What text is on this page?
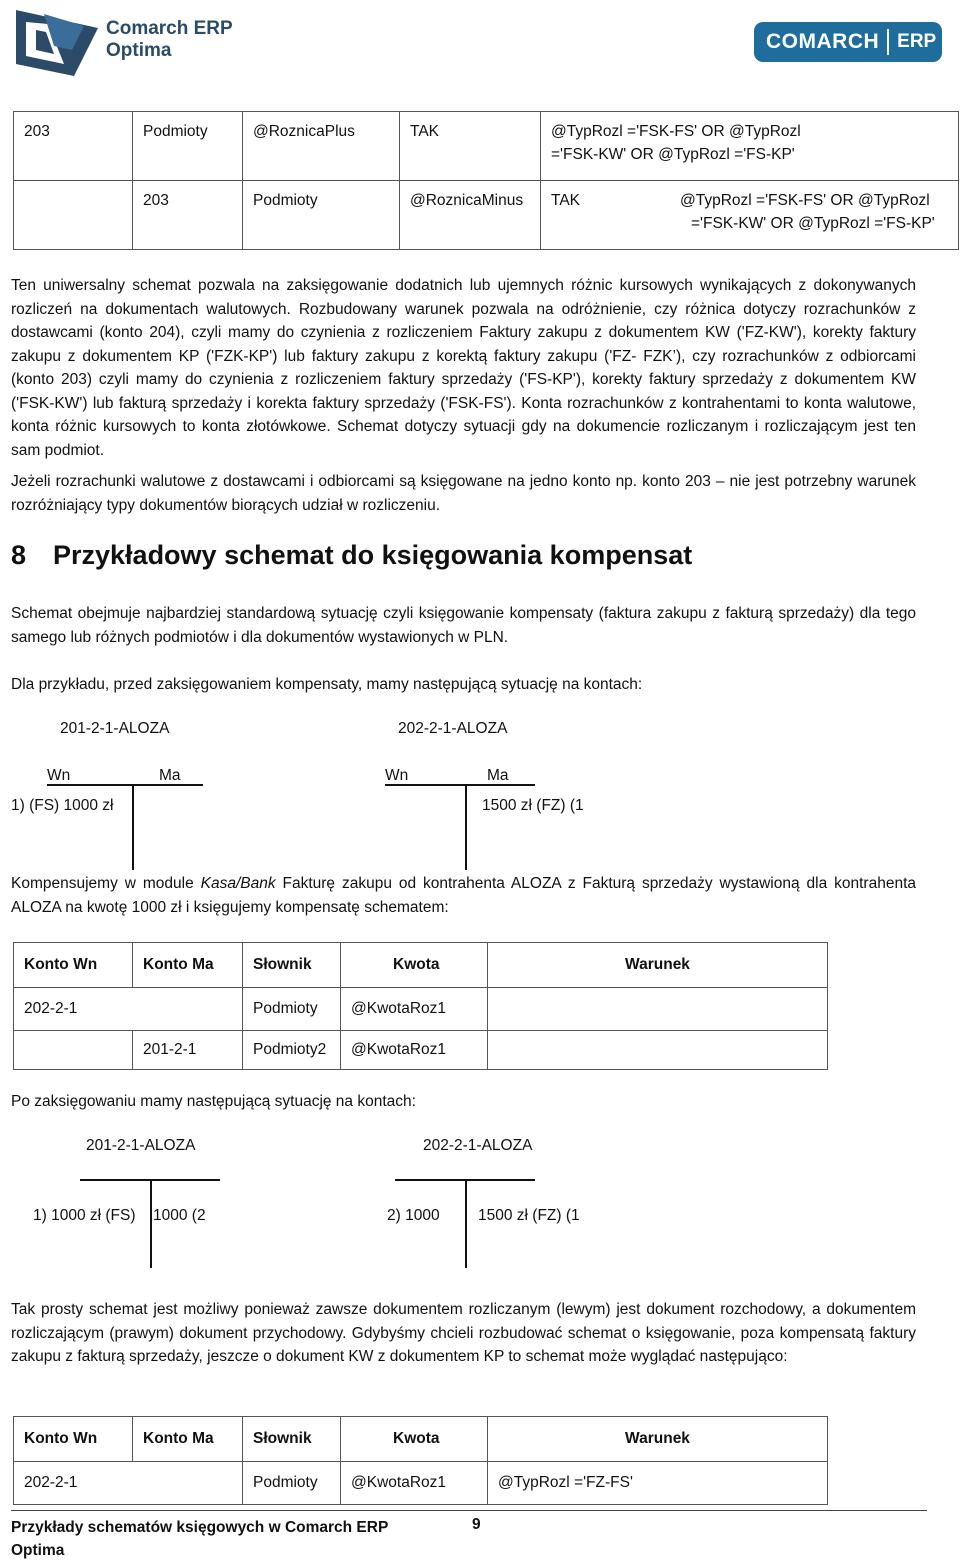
Comarch ERP
Optima	COMARCH ERP
203	Podmioty	@RoznicaPlus	TAK	@TypRozl ='FSK-FS' OR @TypRozl
='FSK-KW' OR @TypRozl ='FS-KP'

	203	Podmioty	@RoznicaMinus	TAK @TypRozl ='FSK-FS' OR @TypRozl
='FSK-KW' OR @TypRozl ='FS-KP'
Ten uniwersalny schemat pozwala na zaksięgowanie dodatnich lub ujemnych różnic kursowych wynikających z dokonywanych rozliczeń na dokumentach walutowych. Rozbudowany warunek pozwala na odróżnienie, czy różnica dotyczy rozrachunków z dostawcami (konto 204), czyli mamy do czynienia z rozliczeniem Faktury zakupu z dokumentem KW ('FZ-KW'), korekty faktury zakupu z dokumentem KP ('FZK-KP') lub faktury zakupu z korektą faktury zakupu ('FZ- FZK’), czy rozrachunków z odbiorcami (konto 203) czyli mamy do czynienia z rozliczeniem faktury sprzedaży ('FS-KP'), korekty faktury sprzedaży z dokumentem KW ('FSK-KW') lub fakturą sprzedaży i korekta faktury sprzedaży ('FSK-FS'). Konta rozrachunków z kontrahentami to konta walutowe, konta różnic kursowych to konta złotówkowe. Schemat dotyczy sytuacji gdy na dokumencie rozliczanym i rozliczającym jest ten sam podmiot.
Jeżeli rozrachunki walutowe z dostawcami i odbiorcami są księgowane na jedno konto np. konto 203 – nie jest potrzebny warunek rozróżniający typy dokumentów biorących udział w rozliczeniu.
8 Przykładowy schemat do księgowania kompensat
Schemat obejmuje najbardziej standardową sytuację czyli księgowanie kompensaty (faktura zakupu z fakturą sprzedaży) dla tego samego lub różnych podmiotów i dla dokumentów wystawionych w PLN.
Dla przykładu, przed zaksięgowaniem kompensaty, mamy następującą sytuację na kontach:
201-2-1-ALOZA	202-2-1-ALOZA
Wn	Ma	Wn	Ma
1) (FS) 1000 zł	1500 zł (FZ) (1
Kompensujemy w module Kasa/Bank Fakturę zakupu od kontrahenta ALOZA z Fakturą sprzedaży wystawioną dla kontrahenta ALOZA na kwotę 1000 zł i księgujemy kompensatę schematem:
Konto Wn	Konto Ma	Słownik	Kwota	Warunek

202-2-1		Podmioty	@KwotaRoz1	

	201-2-1	Podmioty2	@KwotaRoz1	

Po zaksięgowaniu mamy następującą sytuację na kontach:
201-2-1-ALOZA	202-2-1-ALOZA
1) 1000 zł (FS) 1000 (2	2) 1000 1500 zł (FZ) (1
Tak prosty schemat jest możliwy ponieważ zawsze dokumentem rozliczanym (lewym) jest dokument rozchodowy, a dokumentem rozliczającym (prawym) dokument przychodowy. Gdybyśmy chcieli rozbudować schemat o księgowanie, poza kompensatą faktury zakupu z fakturą sprzedaży, jeszcze o dokument KW z dokumentem KP to schemat może wyglądać następująco:
Konto Wn	Konto Ma	Słownik	Kwota	Warunek

202-2-1		Podmioty	@KwotaRoz1	@TypRozl ='FZ-FS'
Przykłady schematów księgowych w Comarch ERP
Optima
9
